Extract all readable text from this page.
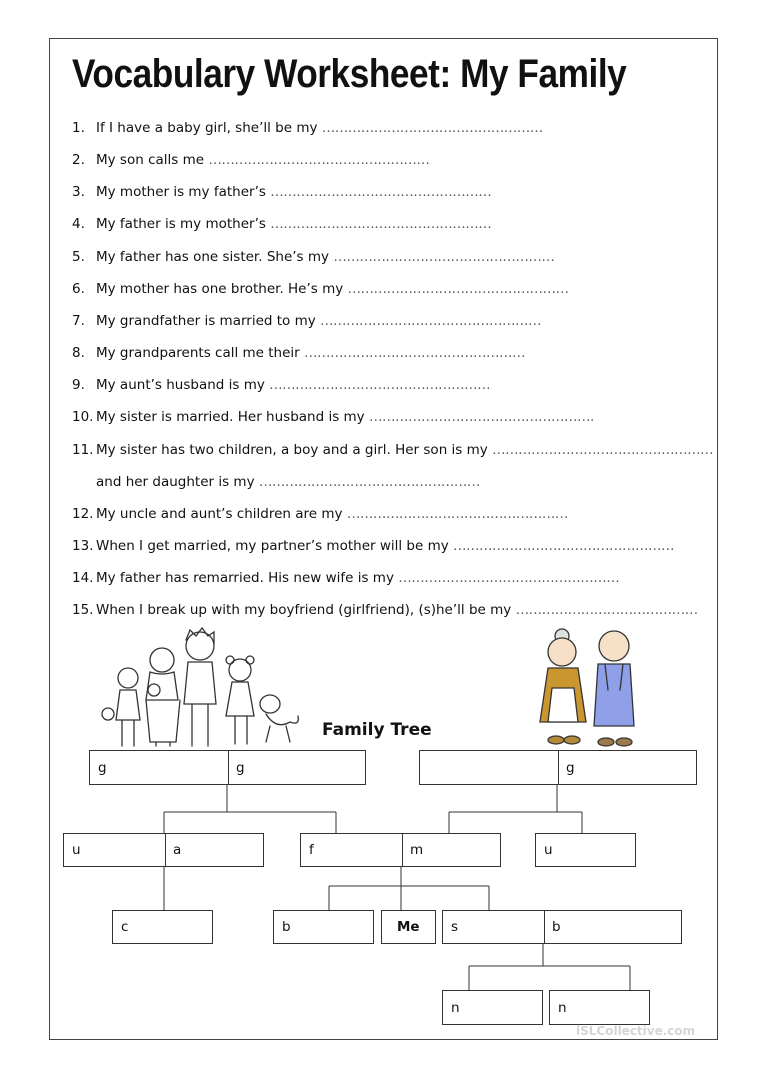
Vocabulary Worksheet: My Family
1. If I have a baby girl, she’ll be my ……………………………………………
2. My son calls me ……………………………………………
3. My mother is my father’s ……………………………………………
4. My father is my mother’s ……………………………………………
5. My father has one sister. She’s my ……………………………………………
6. My mother has one brother. He’s my ……………………………………………
7. My grandfather is married to my ……………………………………………
8. My grandparents call me their ……………………………………………
9. My aunt’s husband is my ……………………………………………
10. My sister is married. Her husband is my …………………………………………….
11. My sister has two children, a boy and a girl. Her son is my ……………………………………………
and her daughter is my ……………………………………………
12. My uncle and aunt’s children are my ……………………………………………
13. When I get married, my partner’s mother will be my ……………………………………………
14. My father has remarried. His new wife is my ……………………………………………
15. When I break up with my boyfriend (girlfriend), (s)he’ll be my ……………………………………
Family Tree
g	g	g
u	a	f	m	u
c	b	Me s	b
n	n
iSLCollective.com
